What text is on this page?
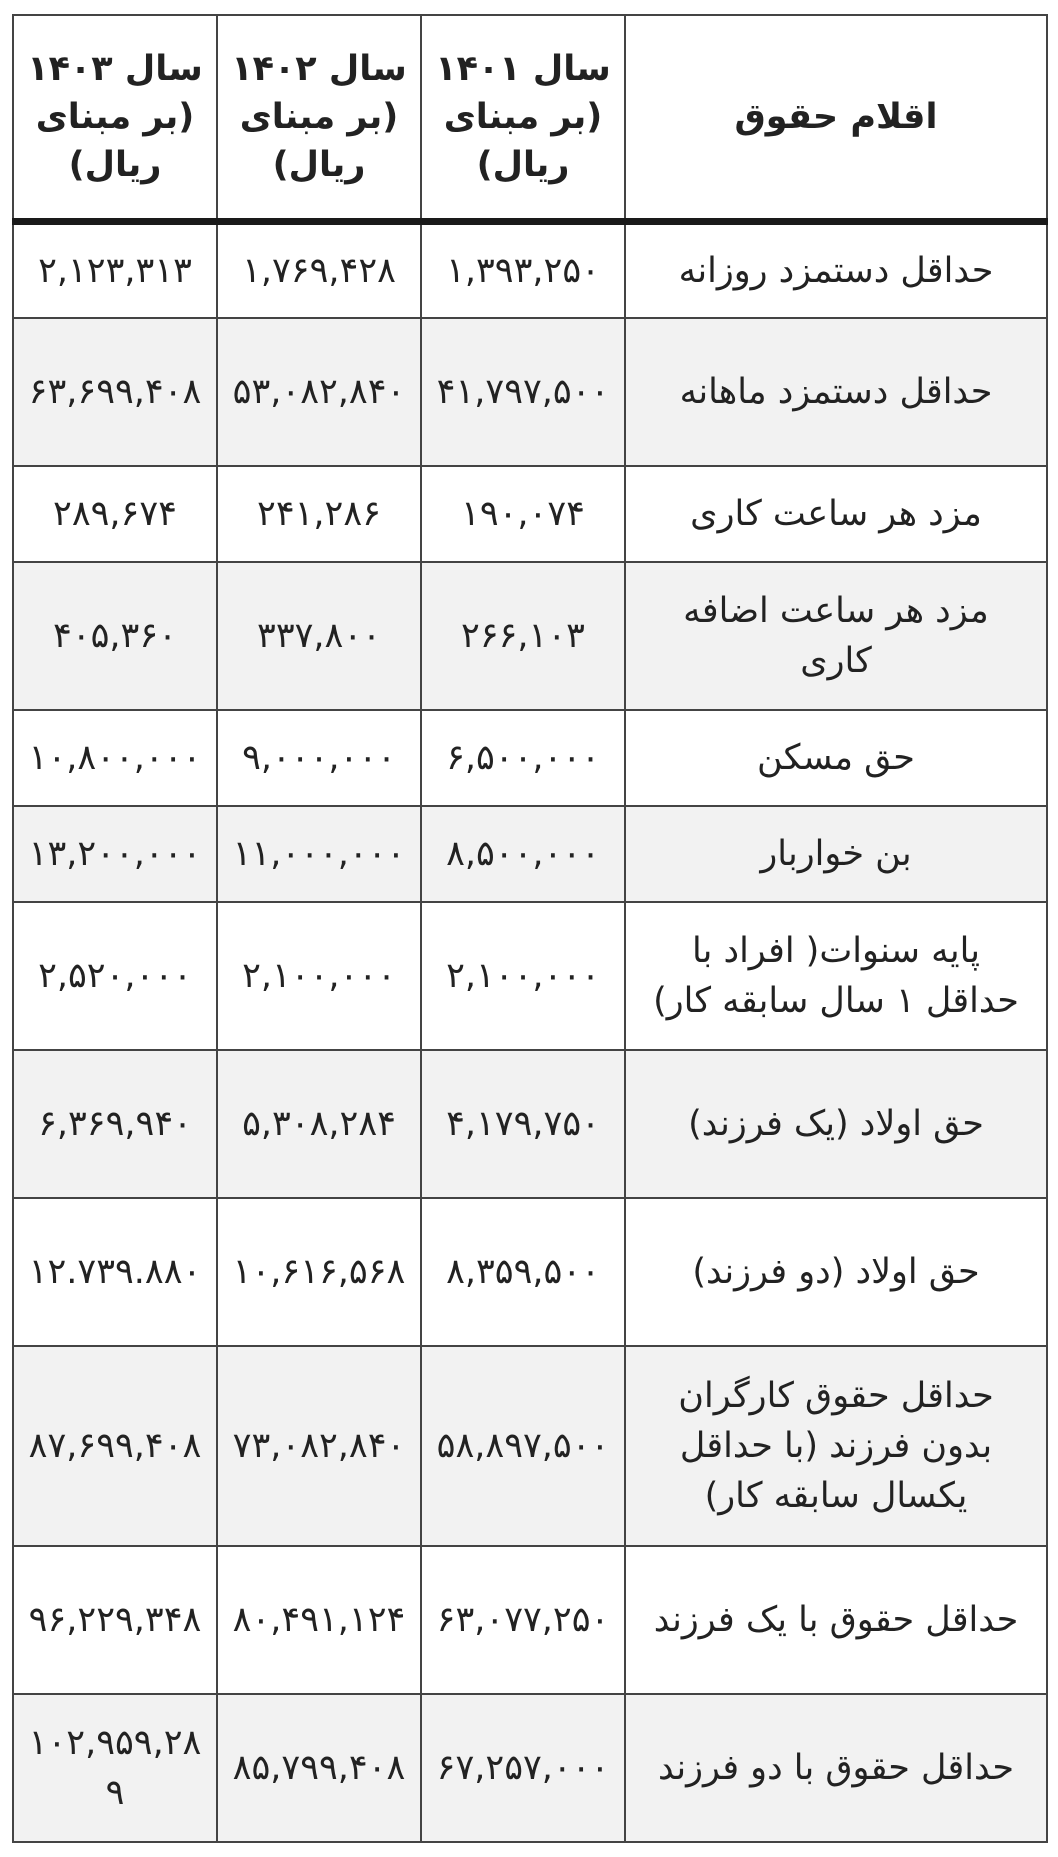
اقلام حقوق	سال ۱۴۰۱ (بر مبنای ریال)	سال ۱۴۰۲ (بر مبنای ریال)	سال ۱۴۰۳ (بر مبنای ریال)
حداقل دستمزد روزانه	۱,۳۹۳,۲۵۰	۱,۷۶۹,۴۲۸	۲,۱۲۳,۳۱۳
حداقل دستمزد ماهانه	۴۱,۷۹۷,۵۰۰	۵۳,۰۸۲,۸۴۰	۶۳,۶۹۹,۴۰۸
مزد هر ساعت کاری	۱۹۰,۰۷۴	۲۴۱,۲۸۶	۲۸۹,۶۷۴
مزد هر ساعت اضافه کاری	۲۶۶,۱۰۳	۳۳۷,۸۰۰	۴۰۵,۳۶۰
حق مسکن	۶,۵۰۰,۰۰۰	۹,۰۰۰,۰۰۰	۱۰,۸۰۰,۰۰۰
بن خواربار	۸,۵۰۰,۰۰۰	۱۱,۰۰۰,۰۰۰	۱۳,۲۰۰,۰۰۰
پایه سنوات( افراد با حداقل ۱ سال سابقه کار)	۲,۱۰۰,۰۰۰	۲,۱۰۰,۰۰۰	۲,۵۲۰,۰۰۰
حق اولاد (یک فرزند)	۴,۱۷۹,۷۵۰	۵,۳۰۸,۲۸۴	۶,۳۶۹,۹۴۰
حق اولاد (دو فرزند)	۸,۳۵۹,۵۰۰	۱۰,۶۱۶,۵۶۸	۱۲.۷۳۹.۸۸۰
حداقل حقوق کارگران بدون فرزند (با حداقل یکسال سابقه کار)	۵۸,۸۹۷,۵۰۰	۷۳,۰۸۲,۸۴۰	۸۷,۶۹۹,۴۰۸
حداقل حقوق با یک فرزند	۶۳,۰۷۷,۲۵۰	۸۰,۴۹۱,۱۲۴	۹۶,۲۲۹,۳۴۸
حداقل حقوق با دو فرزند	۶۷,۲۵۷,۰۰۰	۸۵,۷۹۹,۴۰۸	۱۰۲,۹۵۹,۲۸۹
